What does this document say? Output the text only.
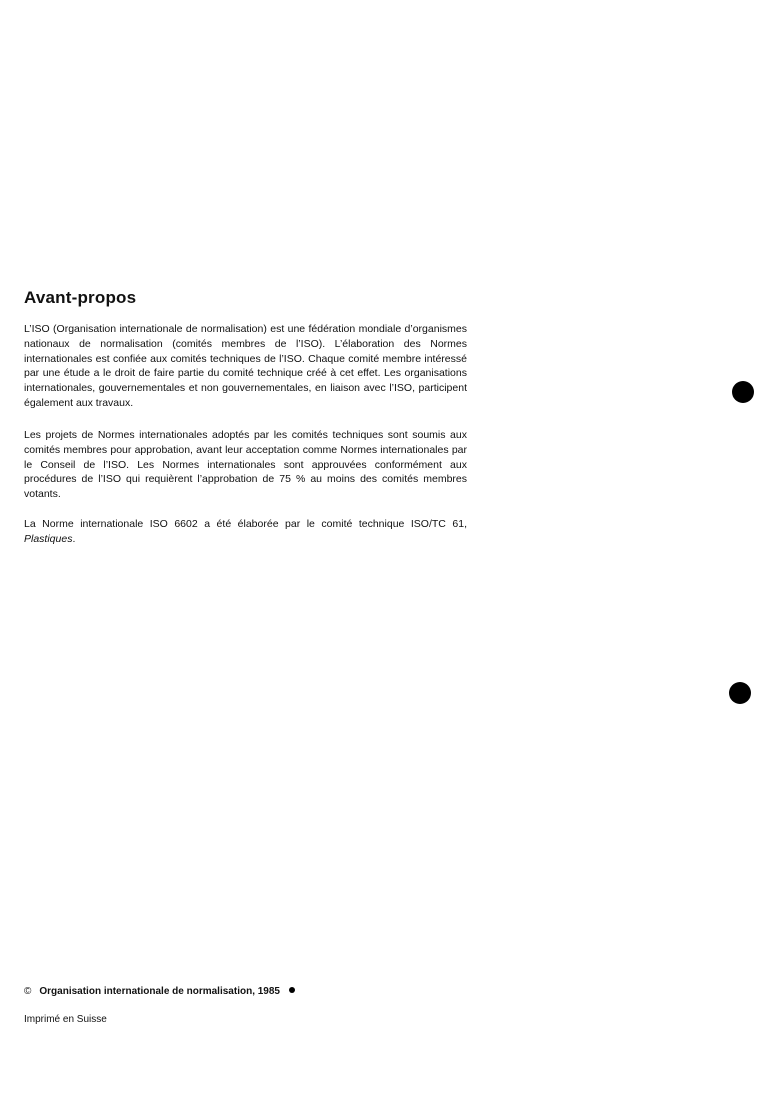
Avant-propos

L’ISO (Organisation internationale de normalisation) est une fédération mondiale d’organismes nationaux de normalisation (comités membres de l’ISO). L’élaboration des Normes internationales est confiée aux comités techniques de l’ISO. Chaque comité membre intéressé par une étude a le droit de faire partie du comité technique créé à cet effet. Les organisations internationales, gouvernementales et non gouvernementales, en liaison avec l’ISO, participent également aux travaux.

Les projets de Normes internationales adoptés par les comités techniques sont soumis aux comités membres pour approbation, avant leur acceptation comme Normes internationales par le Conseil de l’ISO. Les Normes internationales sont approuvées conformément aux procédures de l’ISO qui requièrent l’approbation de 75 % au moins des comités membres votants.

La Norme internationale ISO 6602 a été élaborée par le comité technique ISO/TC 61, Plastiques.

© Organisation internationale de normalisation, 1985
Imprimé en Suisse
